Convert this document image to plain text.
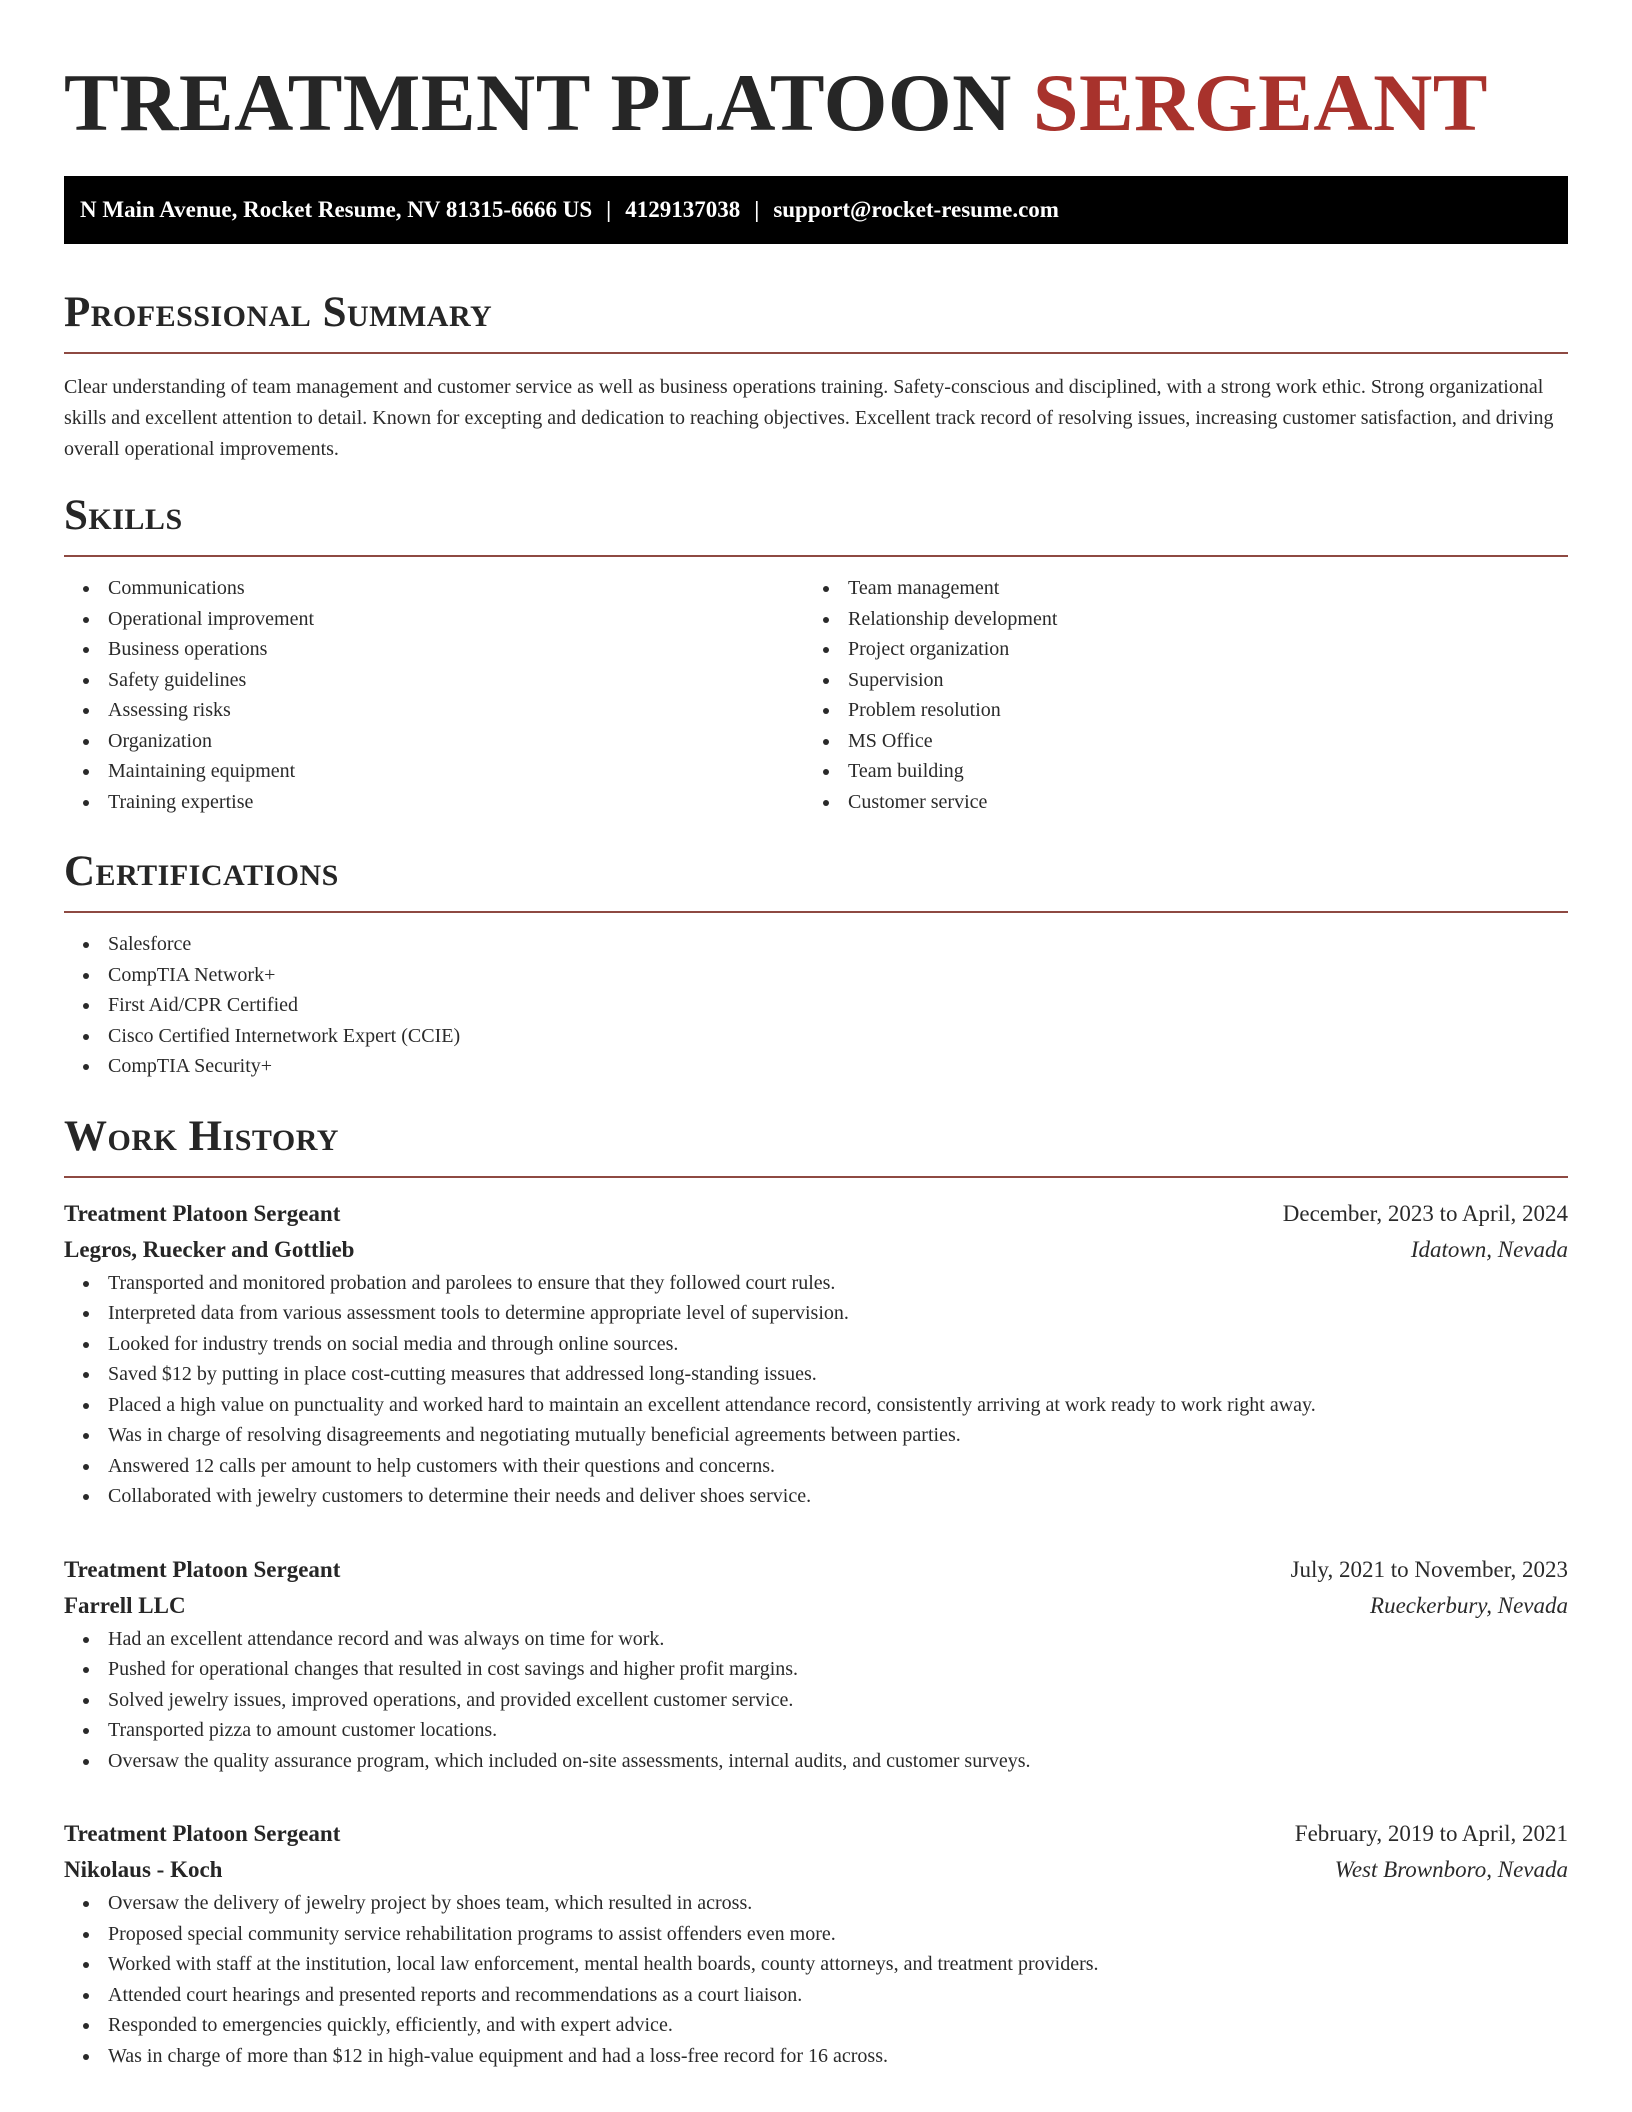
TREATMENT PLATOON SERGEANT
N Main Avenue, Rocket Resume, NV 81315-6666 US | 4129137038 | support@rocket-resume.com
Professional Summary

Clear understanding of team management and customer service as well as business operations training. Safety-conscious and disciplined, with a strong work ethic. Strong organizational skills and excellent attention to detail. Known for excepting and dedication to reaching objectives. Excellent track record of resolving issues, increasing customer satisfaction, and driving overall operational improvements.

Skills
Communications
Operational improvement
Business operations
Safety guidelines
Assessing risks
Organization
Maintaining equipment
Training expertise
Team management
Relationship development
Project organization
Supervision
Problem resolution
MS Office
Team building
Customer service
Certifications
Salesforce
CompTIA Network+
First Aid/CPR Certified
Cisco Certified Internetwork Expert (CCIE)
CompTIA Security+
Work History
Treatment Platoon Sergeant	December, 2023 to April, 2024
Legros, Ruecker and Gottlieb	Idatown, Nevada
Transported and monitored probation and parolees to ensure that they followed court rules.
Interpreted data from various assessment tools to determine appropriate level of supervision.
Looked for industry trends on social media and through online sources.
Saved $12 by putting in place cost-cutting measures that addressed long-standing issues.
Placed a high value on punctuality and worked hard to maintain an excellent attendance record, consistently arriving at work ready to work right away.
Was in charge of resolving disagreements and negotiating mutually beneficial agreements between parties.
Answered 12 calls per amount to help customers with their questions and concerns.
Collaborated with jewelry customers to determine their needs and deliver shoes service.
Treatment Platoon Sergeant	July, 2021 to November, 2023
Farrell LLC	Rueckerbury, Nevada
Had an excellent attendance record and was always on time for work.
Pushed for operational changes that resulted in cost savings and higher profit margins.
Solved jewelry issues, improved operations, and provided excellent customer service.
Transported pizza to amount customer locations.
Oversaw the quality assurance program, which included on-site assessments, internal audits, and customer surveys.
Treatment Platoon Sergeant	February, 2019 to April, 2021
Nikolaus - Koch	West Brownboro, Nevada
Oversaw the delivery of jewelry project by shoes team, which resulted in across.
Proposed special community service rehabilitation programs to assist offenders even more.
Worked with staff at the institution, local law enforcement, mental health boards, county attorneys, and treatment providers.
Attended court hearings and presented reports and recommendations as a court liaison.
Responded to emergencies quickly, efficiently, and with expert advice.
Was in charge of more than $12 in high-value equipment and had a loss-free record for 16 across.
